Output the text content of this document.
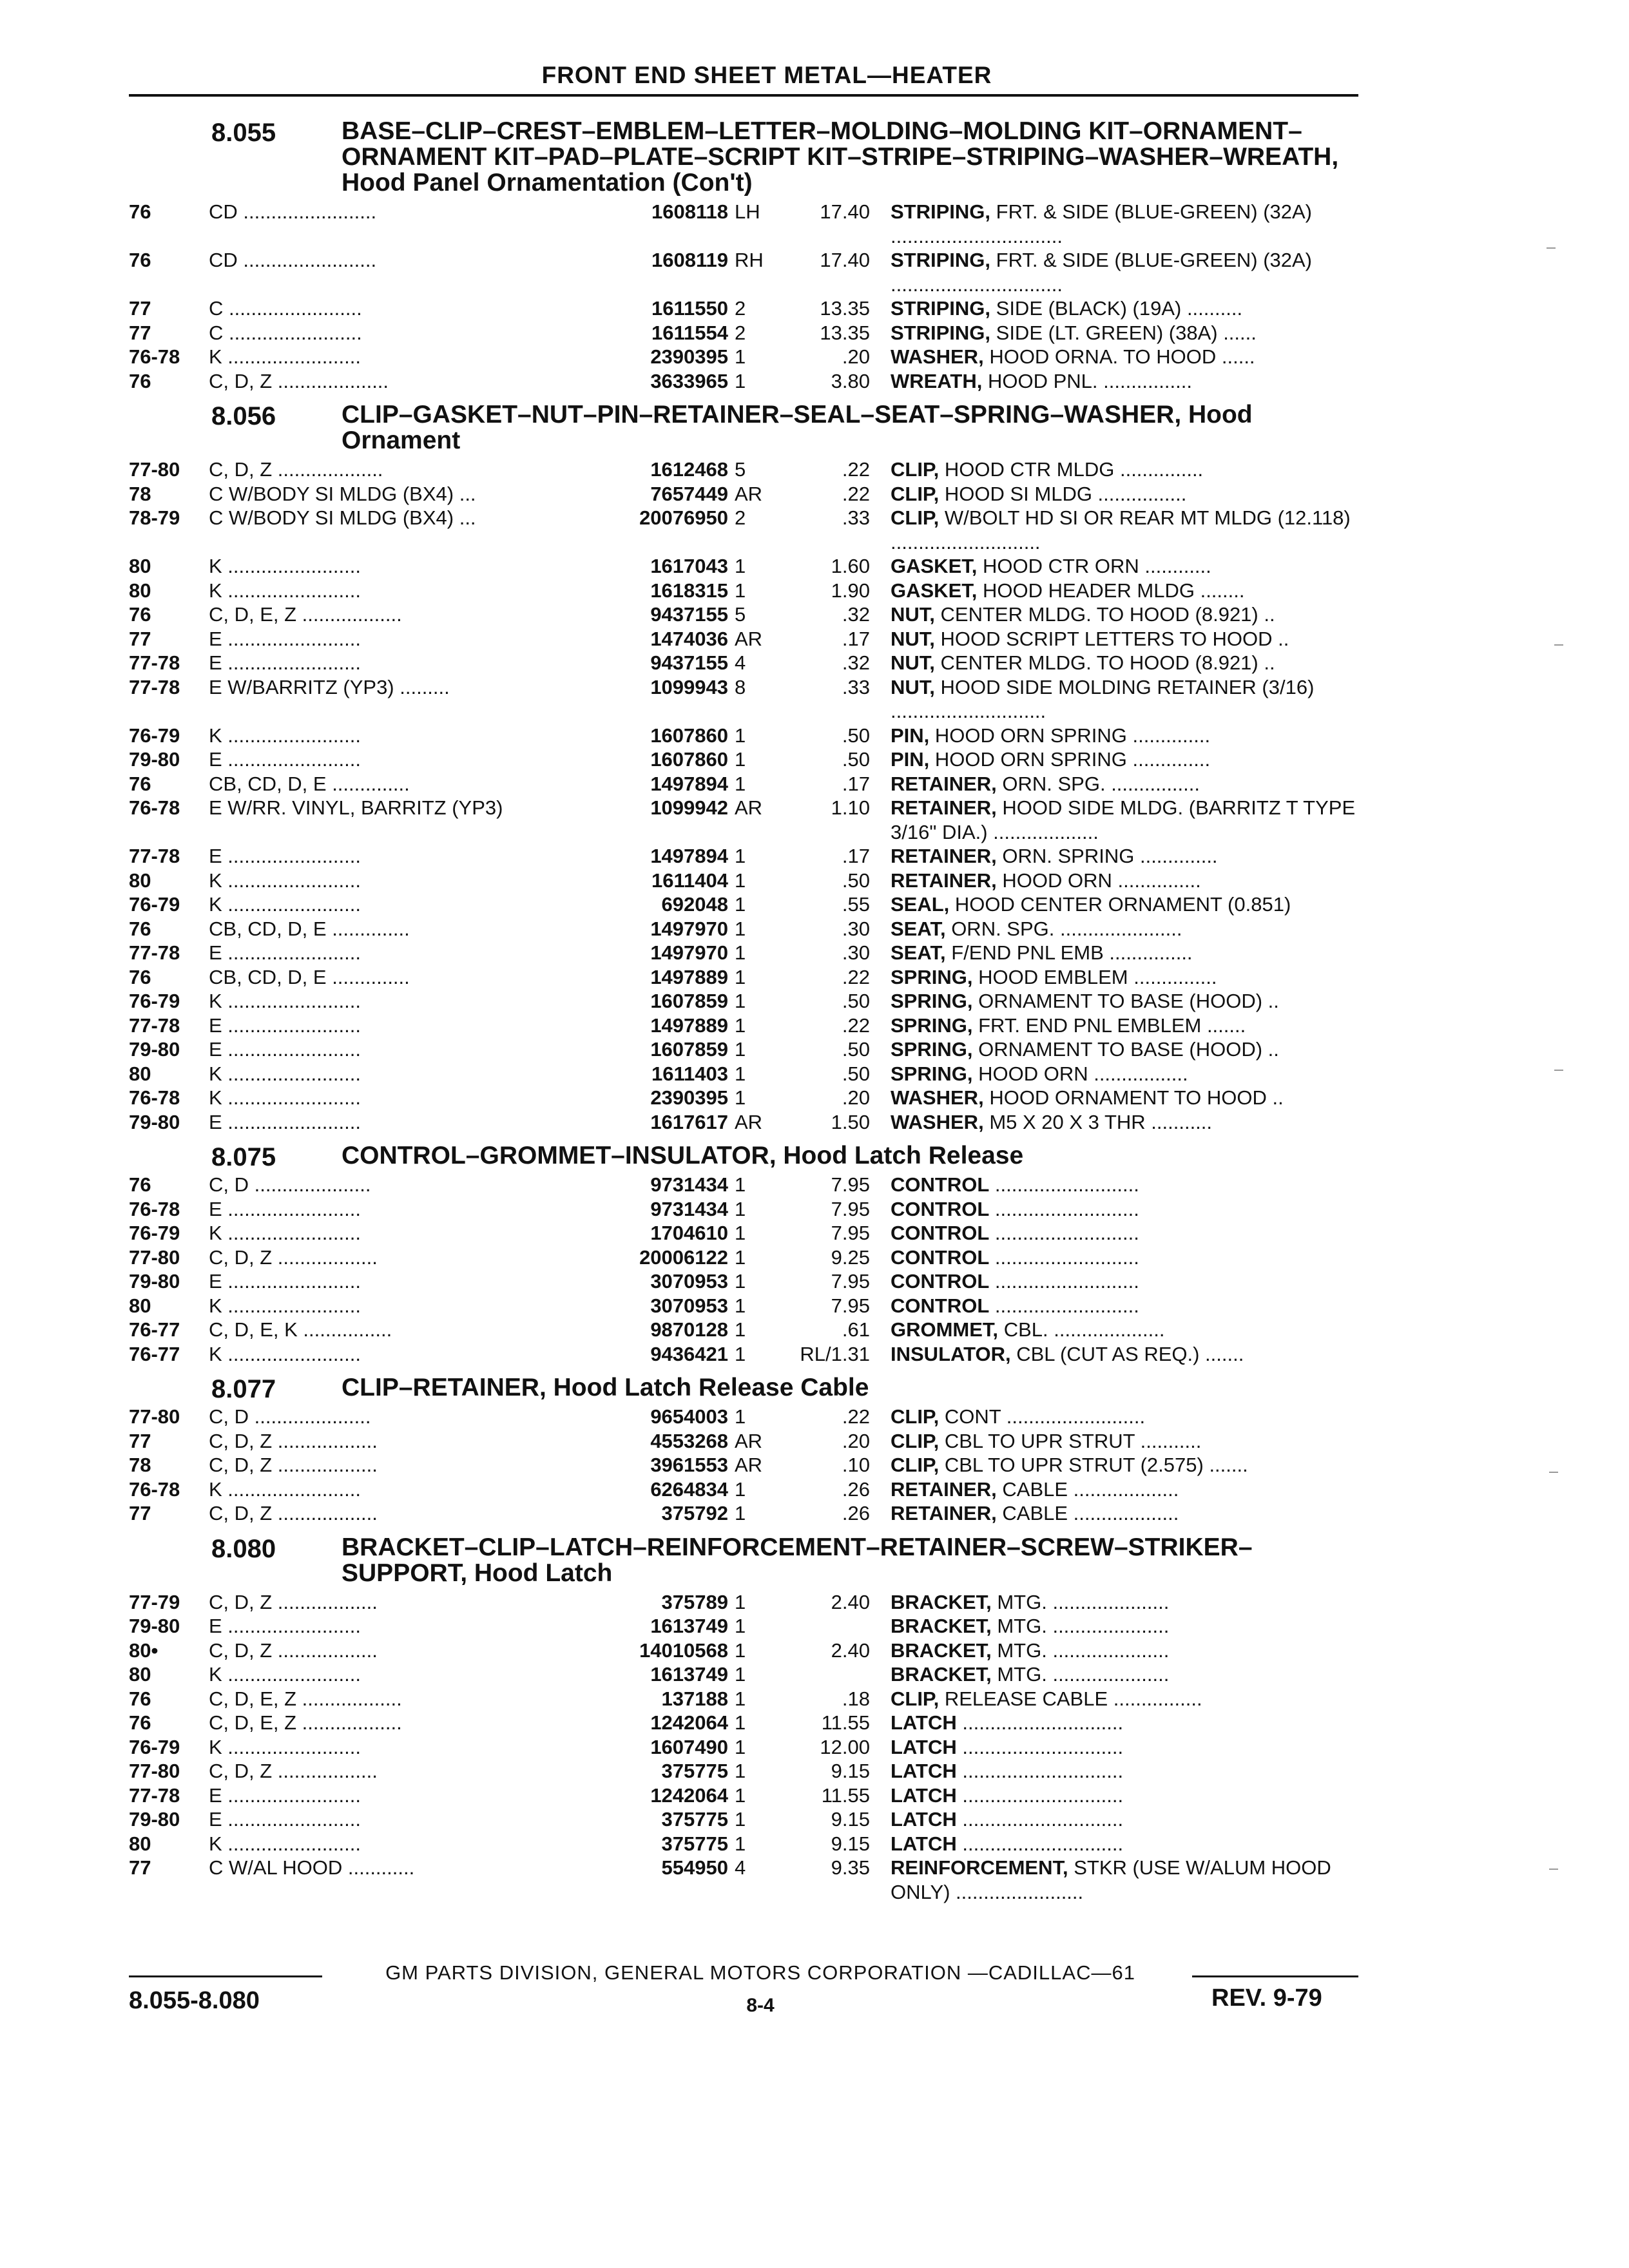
FRONT END SHEET METAL—HEATER
8.055	BASE–CLIP–CREST–EMBLEM–LETTER–MOLDING–MOLDING KIT–ORNAMENT–ORNAMENT KIT–PAD–PLATE–SCRIPT KIT–STRIPE–STRIPING–WASHER–WREATH, Hood Panel Ornamentation (Con't)
76	CD ........................	1608118 LH	17.40 STRIPING, FRT. & SIDE (BLUE-GREEN) (32A) ...............................
76	CD ........................	1608119 RH	17.40 STRIPING, FRT. & SIDE (BLUE-GREEN) (32A) ...............................
77	C ........................	1611550 2	13.35 STRIPING, SIDE (BLACK) (19A) ..........
77	C ........................	1611554 2	13.35 STRIPING, SIDE (LT. GREEN) (38A) ......
76-78	K ........................	2390395 1	.20 WASHER, HOOD ORNA. TO HOOD ......
76	C, D, Z ....................	3633965 1	3.80 WREATH, HOOD PNL. ................
8.056	CLIP–GASKET–NUT–PIN–RETAINER–SEAL–SEAT–SPRING–WASHER, Hood Ornament
77-80	C, D, Z ...................	1612468 5	.22 CLIP, HOOD CTR MLDG ...............
78	C W/BODY SI MLDG (BX4) ...	7657449 AR	.22 CLIP, HOOD SI MLDG ................
78-79	C W/BODY SI MLDG (BX4) ...	20076950 2	.33 CLIP, W/BOLT HD SI OR REAR MT MLDG (12.118) ...........................
80	K ........................	1617043 1	1.60 GASKET, HOOD CTR ORN ............
80	K ........................	1618315 1	1.90 GASKET, HOOD HEADER MLDG ........
76	C, D, E, Z ..................	9437155 5	.32 NUT, CENTER MLDG. TO HOOD (8.921) ..
77	E ........................	1474036 AR	.17 NUT, HOOD SCRIPT LETTERS TO HOOD ..
77-78	E ........................	9437155 4	.32 NUT, CENTER MLDG. TO HOOD (8.921) ..
77-78	E W/BARRITZ (YP3) .........	1099943 8	.33 NUT, HOOD SIDE MOLDING RETAINER (3/16) ............................
76-79	K ........................	1607860 1	.50 PIN, HOOD ORN SPRING ..............
79-80	E ........................	1607860 1	.50 PIN, HOOD ORN SPRING ..............
76	CB, CD, D, E ..............	1497894 1	.17 RETAINER, ORN. SPG. ................
76-78	E W/RR. VINYL, BARRITZ (YP3)	1099942 AR	1.10 RETAINER, HOOD SIDE MLDG. (BARRITZ T TYPE 3/16" DIA.) ...................
77-78	E ........................	1497894 1	.17 RETAINER, ORN. SPRING ..............
80	K ........................	1611404 1	.50 RETAINER, HOOD ORN ...............
76-79	K ........................	692048 1	.55 SEAL, HOOD CENTER ORNAMENT (0.851)
76	CB, CD, D, E ..............	1497970 1	.30 SEAT, ORN. SPG. ......................
77-78	E ........................	1497970 1	.30 SEAT, F/END PNL EMB ...............
76	CB, CD, D, E ..............	1497889 1	.22 SPRING, HOOD EMBLEM ...............
76-79	K ........................	1607859 1	.50 SPRING, ORNAMENT TO BASE (HOOD) ..
77-78	E ........................	1497889 1	.22 SPRING, FRT. END PNL EMBLEM .......
79-80	E ........................	1607859 1	.50 SPRING, ORNAMENT TO BASE (HOOD) ..
80	K ........................	1611403 1	.50 SPRING, HOOD ORN .................
76-78	K ........................	2390395 1	.20 WASHER, HOOD ORNAMENT TO HOOD ..
79-80	E ........................	1617617 AR	1.50 WASHER, M5 X 20 X 3 THR ...........
8.075	CONTROL–GROMMET–INSULATOR, Hood Latch Release
76	C, D .....................	9731434 1	7.95 CONTROL ..........................
76-78	E ........................	9731434 1	7.95 CONTROL ..........................
76-79	K ........................	1704610 1	7.95 CONTROL ..........................
77-80	C, D, Z ..................	20006122 1	9.25 CONTROL ..........................
79-80	E ........................	3070953 1	7.95 CONTROL ..........................
80	K ........................	3070953 1	7.95 CONTROL ..........................
76-77	C, D, E, K ................	9870128 1	.61 GROMMET, CBL. ....................
76-77	K ........................	9436421 1	RL/1.31 INSULATOR, CBL (CUT AS REQ.) .......
8.077	CLIP–RETAINER, Hood Latch Release Cable
77-80	C, D .....................	9654003 1	.22 CLIP, CONT .........................
77	C, D, Z ..................	4553268 AR	.20 CLIP, CBL TO UPR STRUT ...........
78	C, D, Z ..................	3961553 AR	.10 CLIP, CBL TO UPR STRUT (2.575) .......
76-78	K ........................	6264834 1	.26 RETAINER, CABLE ...................
77	C, D, Z ..................	375792 1	.26 RETAINER, CABLE ...................
8.080	BRACKET–CLIP–LATCH–REINFORCEMENT–RETAINER–SCREW–STRIKER–SUPPORT, Hood Latch
77-79	C, D, Z ..................	375789 1	2.40 BRACKET, MTG. .....................
79-80	E ........................	1613749 1	BRACKET, MTG. .....................
80•	C, D, Z ..................	14010568 1	2.40 BRACKET, MTG. .....................
80	K ........................	1613749 1	BRACKET, MTG. .....................
76	C, D, E, Z ..................	137188 1	.18 CLIP, RELEASE CABLE ................
76	C, D, E, Z ..................	1242064 1	11.55 LATCH .............................
76-79	K ........................	1607490 1	12.00 LATCH .............................
77-80	C, D, Z ..................	375775 1	9.15 LATCH .............................
77-78	E ........................	1242064 1	11.55 LATCH .............................
79-80	E ........................	375775 1	9.15 LATCH .............................
80	K ........................	375775 1	9.15 LATCH .............................
77	C W/AL HOOD ............	554950 4	9.35 REINFORCEMENT, STKR (USE W/ALUM HOOD ONLY) .......................
GM PARTS DIVISION, GENERAL MOTORS CORPORATION —CADILLAC—61
8-4
8.055-8.080	REV. 9-79
